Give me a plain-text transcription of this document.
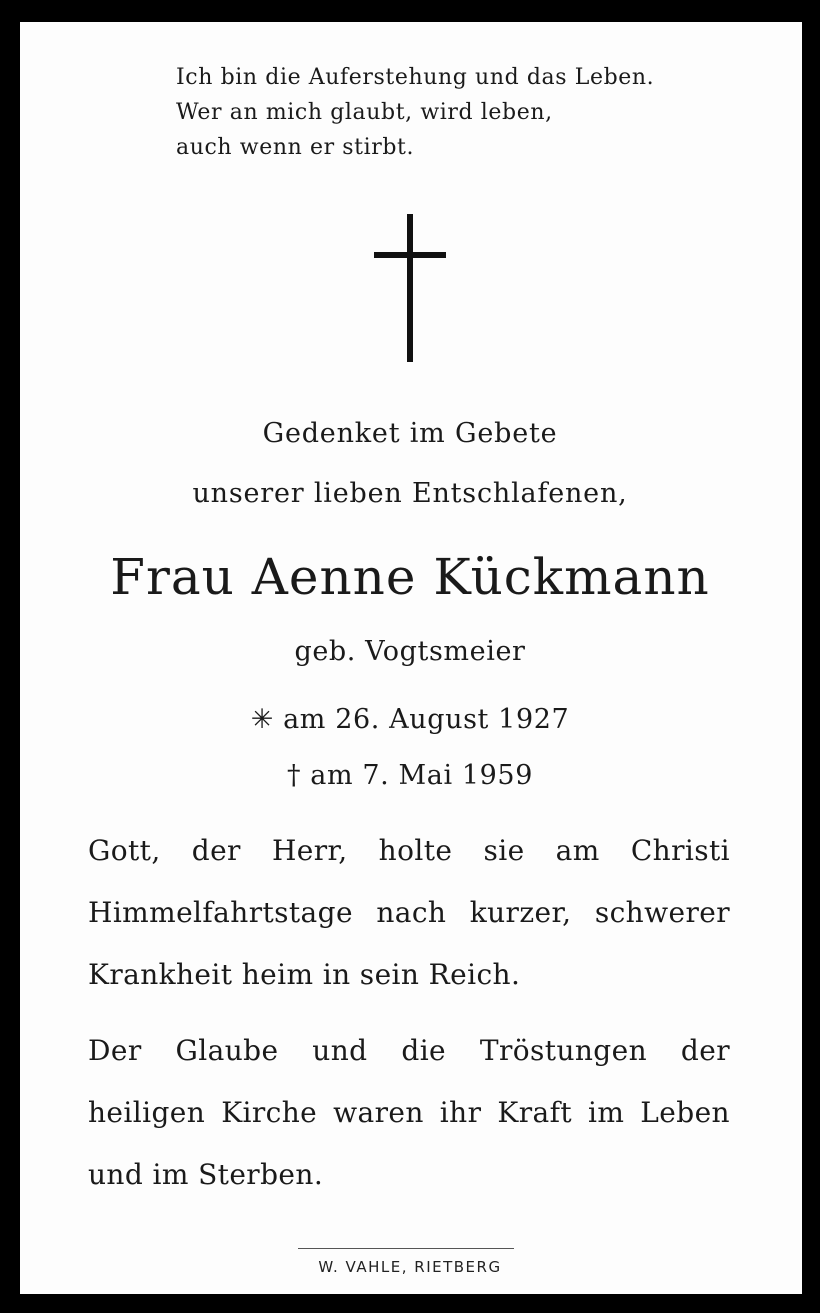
Ich bin die Auferstehung und das Leben.
Wer an mich glaubt, wird leben,
auch wenn er stirbt.
Gedenket im Gebete
unserer lieben Entschlafenen,
Frau Aenne Kückmann
geb. Vogtsmeier
✳ am 26. August 1927
† am 7. Mai 1959
Gott, der Herr, holte sie am Christi
Himmelfahrtstage nach kurzer, schwerer
Krankheit heim in sein Reich.
Der Glaube und die Tröstungen der
heiligen Kirche waren ihr Kraft im Leben
und im Sterben.
W. VAHLE, RIETBERG
